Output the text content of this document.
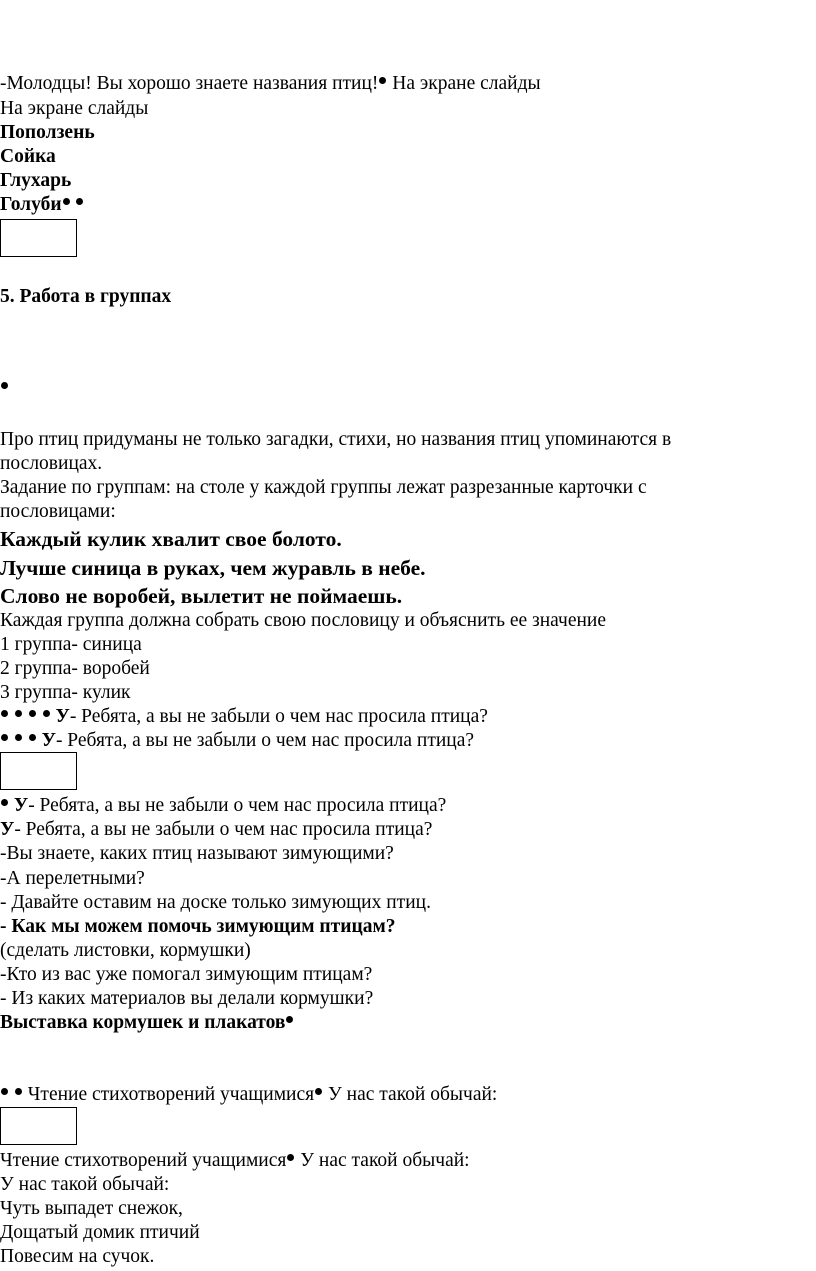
-Молодцы! Вы хорошо знаете названия птиц! На экране слайды
На экране слайды
Поползень
Сойка
Глухарь
Голуби
5. Работа в группах
Про птиц придуманы не только загадки, стихи, но названия птиц упоминаются в
пословицах.
Задание по группам: на столе у каждой группы лежат разрезанные карточки с
пословицами:
Каждый кулик хвалит свое болото.
Лучше синица в руках, чем журавль в небе.
Слово не воробей, вылетит не поймаешь.
Каждая группа должна собрать свою пословицу и объяснить ее значение
1 группа- синица
2 группа- воробей
3 группа- кулик
У- Ребята, а вы не забыли о чем нас просила птица?
У- Ребята, а вы не забыли о чем нас просила птица?
У- Ребята, а вы не забыли о чем нас просила птица?
У- Ребята, а вы не забыли о чем нас просила птица?
-Вы знаете, каких птиц называют зимующими?
-А перелетными?
- Давайте оставим на доске только зимующих птиц.
- Как мы можем помочь зимующим птицам?
(сделать листовки, кормушки)
-Кто из вас уже помогал зимующим птицам?
- Из каких материалов вы делали кормушки?
Выставка кормушек и плакатов
Чтение стихотворений учащимися У нас такой обычай:
Чтение стихотворений учащимися У нас такой обычай:
У нас такой обычай:
Чуть выпадет снежок,
Дощатый домик птичий
Повесим на сучок.
